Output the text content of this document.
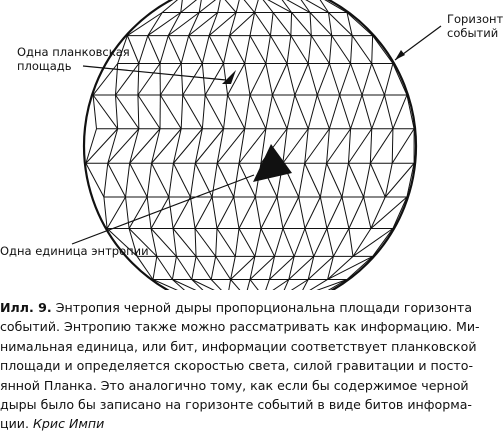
Горизонт
событий
Одна планковская
площадь
Одна единица энтропии
Илл. 9. Энтропия черной дыры пропорциональна площади горизонта
событий. Энтропию также можно рассматривать как информацию. Ми-
нимальная единица, или бит, информации соответствует планковской
площади и определяется скоростью света, силой гравитации и посто-
янной Планка. Это аналогично тому, как если бы содержимое черной
дыры было бы записано на горизонте событий в виде битов информа-
ции. Крис Импи
